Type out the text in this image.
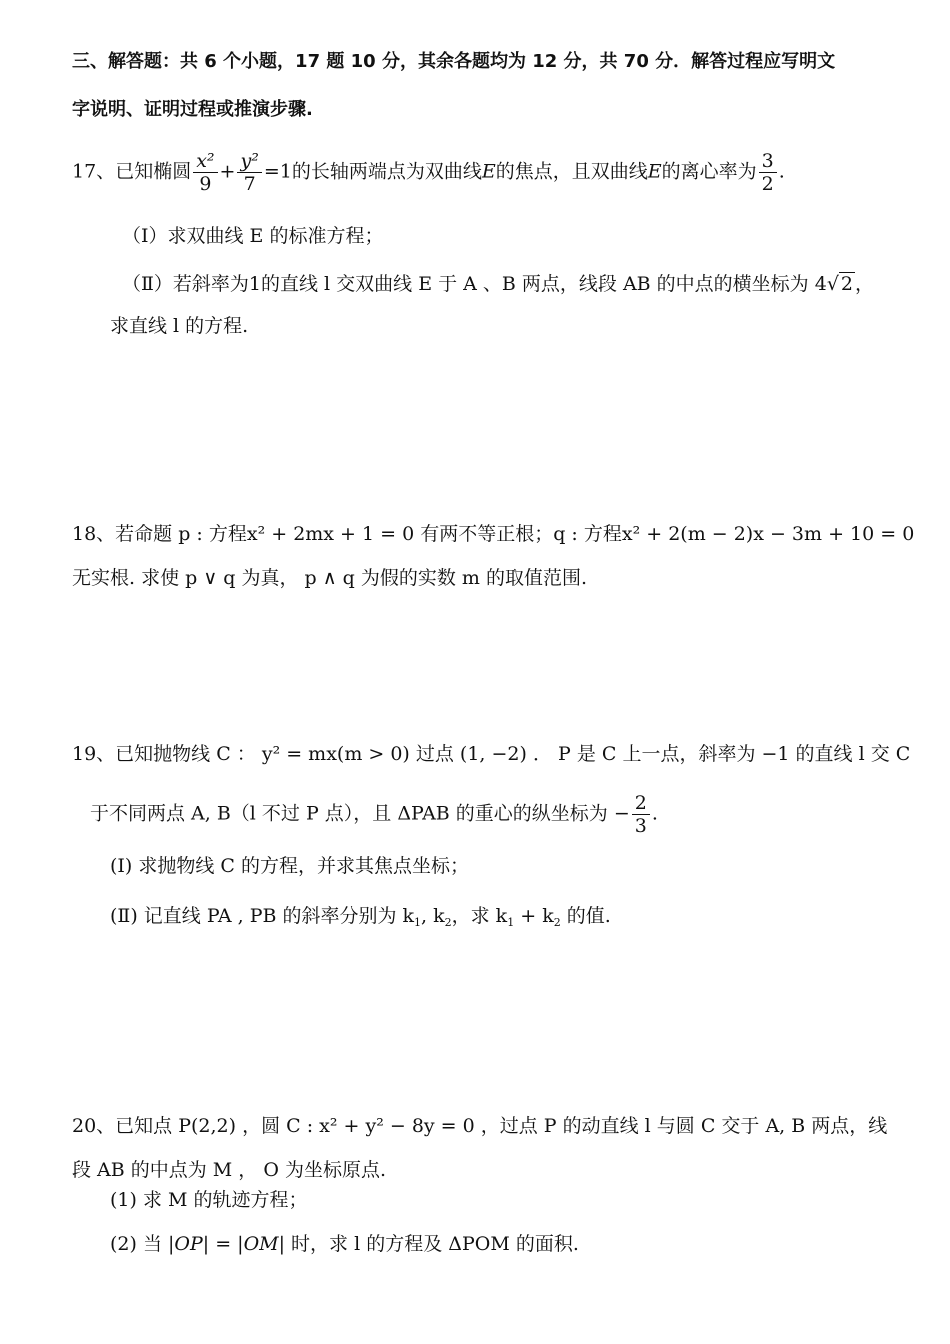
三、解答题：共 6 个小题，17 题 10 分，其余各题均为 12 分，共 70 分．解答过程应写明文
字说明、证明过程或推演步骤.
17、已知椭圆 $\frac{\text{x²}}{9} + \frac{\text{y²}}{7} =1$的长轴两端点为双曲线E的焦点，且双曲线E的离心率为 $\frac{3}{2}$ .
（Ⅰ）求双曲线 E 的标准方程；
（Ⅱ）若斜率为1的直线 l 交双曲线 E 于 A 、B 两点，线段 AB 的中点的横坐标为 4√ 2 ，
求直线 l 的方程.
18、若命题 p : 方程x² + 2mx + 1 = 0 有两不等正根；q : 方程x² + 2(m − 2)x − 3m + 10 = 0
无实根. 求使 p ∨ q 为真， p ∧ q 为假的实数 m 的取值范围.
19、已知抛物线 C ： y² = mx(m > 0) 过点 (1, −2) ． P 是 C 上一点，斜率为 −1 的直线 l 交 C
于不同两点 A, B（l 不过 P 点），且 ΔPAB 的重心的纵坐标为 − $\frac{2}{3}$ .
(Ⅰ) 求抛物线 C 的方程，并求其焦点坐标；
(Ⅱ) 记直线 PA , PB 的斜率分别为 $k_1$, $k_2$，求 $k_1 + k_2$ 的值.
20、已知点 P(2,2) ，圆 C : x² + y² − 8y = 0 ，过点 P 的动直线 l 与圆 C 交于 A, B 两点，线
段 AB 的中点为 M ， O 为坐标原点.
(1) 求 M 的轨迹方程；
(2) 当 |OP| = |OM| 时，求 l 的方程及 ΔPOM 的面积.
